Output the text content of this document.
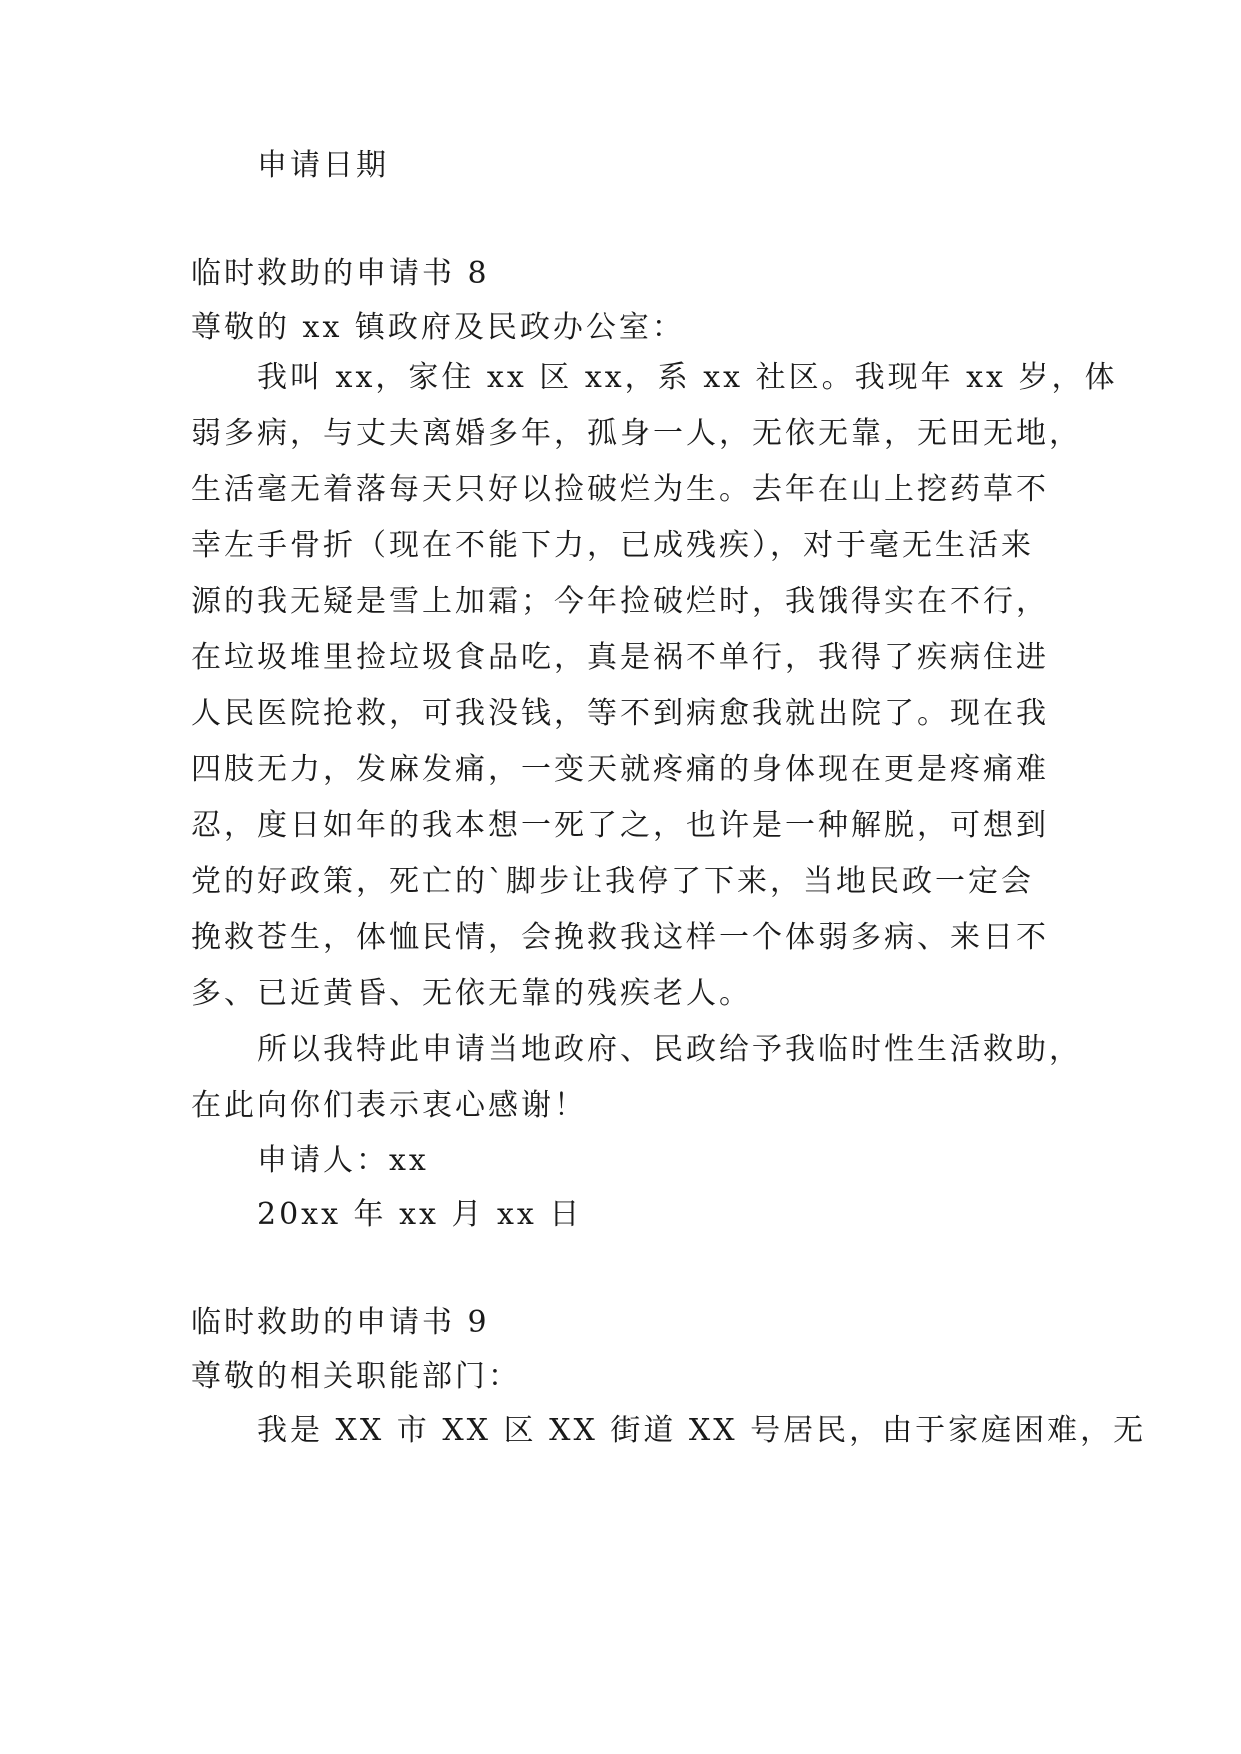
申请日期
临时救助的申请书 8
尊敬的 xx 镇政府及民政办公室：
我叫 xx，家住 xx 区 xx，系 xx 社区。我现年 xx 岁，体
弱多病，与丈夫离婚多年，孤身一人，无依无靠，无田无地，
生活毫无着落每天只好以捡破烂为生。去年在山上挖药草不
幸左手骨折（现在不能下力，已成残疾），对于毫无生活来
源的我无疑是雪上加霜；今年捡破烂时，我饿得实在不行，
在垃圾堆里捡垃圾食品吃，真是祸不单行，我得了疾病住进
人民医院抢救，可我没钱，等不到病愈我就出院了。现在我
四肢无力，发麻发痛，一变天就疼痛的身体现在更是疼痛难
忍，度日如年的我本想一死了之，也许是一种解脱，可想到
党的好政策，死亡的`脚步让我停了下来，当地民政一定会
挽救苍生，体恤民情，会挽救我这样一个体弱多病、来日不
多、已近黄昏、无依无靠的残疾老人。
所以我特此申请当地政府、民政给予我临时性生活救助，
在此向你们表示衷心感谢！
申请人：xx
20xx 年 xx 月 xx 日
临时救助的申请书 9
尊敬的相关职能部门：
我是 XX 市 XX 区 XX 街道 XX 号居民，由于家庭困难，无
